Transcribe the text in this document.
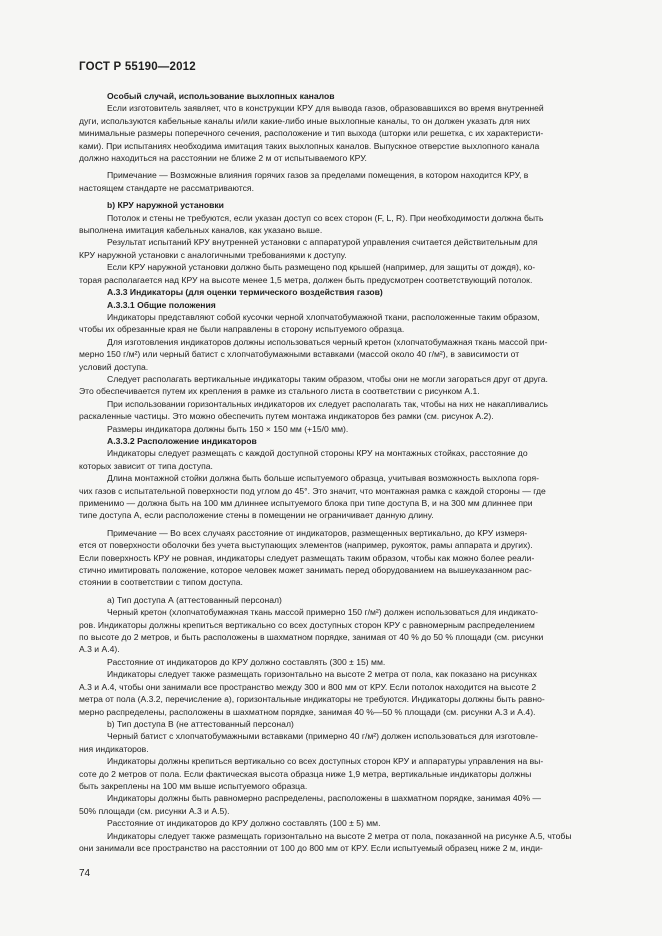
ГОСТ Р 55190—2012
Особый случай, использование выхлопных каналов
Если изготовитель заявляет, что в конструкции КРУ для вывода газов, образовавшихся во время внутренней
дуги, используются кабельные каналы и/или какие-либо иные выхлопные каналы, то он должен указать для них
минимальные размеры поперечного сечения, расположение и тип выхода (шторки или решетка, с их характеристи-
ками). При испытаниях необходима имитация таких выхлопных каналов. Выпускное отверстие выхлопного канала
должно находиться на расстоянии не ближе 2 м от испытываемого КРУ.
Примечание — Возможные влияния горячих газов за пределами помещения, в котором находится КРУ, в
настоящем стандарте не рассматриваются.
b) КРУ наружной установки
Потолок и стены не требуются, если указан доступ со всех сторон (F, L, R). При необходимости должна быть
выполнена имитация кабельных каналов, как указано выше.
Результат испытаний КРУ внутренней установки с аппаратурой управления считается действительным для
КРУ наружной установки с аналогичными требованиями к доступу.
Если КРУ наружной установки должно быть размещено под крышей (например, для защиты от дождя), ко-
торая располагается над КРУ на высоте менее 1,5 метра, должен быть предусмотрен соответствующий потолок.
А.3.3 Индикаторы (для оценки термического воздействия газов)
А.3.3.1 Общие положения
Индикаторы представляют собой кусочки черной хлопчатобумажной ткани, расположенные таким образом,
чтобы их обрезанные края не были направлены в сторону испытуемого образца.
Для изготовления индикаторов должны использоваться черный кретон (хлопчатобумажная ткань массой при-
мерно 150 г/м²) или черный батист с хлопчатобумажными вставками (массой около 40 г/м²), в зависимости от
условий доступа.
Следует располагать вертикальные индикаторы таким образом, чтобы они не могли загораться друг от друга.
Это обеспечивается путем их крепления в рамке из стального листа в соответствии с рисунком А.1.
При использовании горизонтальных индикаторов их следует располагать так, чтобы на них не накапливались
раскаленные частицы. Это можно обеспечить путем монтажа индикаторов без рамки (см. рисунок А.2).
Размеры индикатора должны быть 150 × 150 мм (+15/0 мм).
А.3.3.2 Расположение индикаторов
Индикаторы следует размещать с каждой доступной стороны КРУ на монтажных стойках, расстояние до
которых зависит от типа доступа.
Длина монтажной стойки должна быть больше испытуемого образца, учитывая возможность выхлопа горя-
чих газов с испытательной поверхности под углом до 45°. Это значит, что монтажная рамка с каждой стороны — где
применимо — должна быть на 100 мм длиннее испытуемого блока при типе доступа В, и на 300 мм длиннее при
типе доступа А, если расположение стены в помещении не ограничивает данную длину.
Примечание — Во всех случаях расстояние от индикаторов, размещенных вертикально, до КРУ измеря-
ется от поверхности оболочки без учета выступающих элементов (например, рукояток, рамы аппарата и других).
Если поверхность КРУ не ровная, индикаторы следует размещать таким образом, чтобы как можно более реали-
стично имитировать положение, которое человек может занимать перед оборудованием на вышеуказанном рас-
стоянии в соответствии с типом доступа.
а) Тип доступа А (аттестованный персонал)
Черный кретон (хлопчатобумажная ткань массой примерно 150 г/м²) должен использоваться для индикато-
ров. Индикаторы должны крепиться вертикально со всех доступных сторон КРУ с равномерным распределением
по высоте до 2 метров, и быть расположены в шахматном порядке, занимая от 40 % до 50 % площади (см. рисунки
А.3 и А.4).
Расстояние от индикаторов до КРУ должно составлять (300 ± 15) мм.
Индикаторы следует также размещать горизонтально на высоте 2 метра от пола, как показано на рисунках
А.3 и А.4, чтобы они занимали все пространство между 300 и 800 мм от КРУ. Если потолок находится на высоте 2
метра от пола (А.3.2, перечисление а), горизонтальные индикаторы не требуются. Индикаторы должны быть равно-
мерно распределены, расположены в шахматном порядке, занимая 40 %—50 % площади (см. рисунки А.3 и А.4).
b) Тип доступа В (не аттестованный персонал)
Черный батист с хлопчатобумажными вставками (примерно 40 г/м²) должен использоваться для изготовле-
ния индикаторов.
Индикаторы должны крепиться вертикально со всех доступных сторон КРУ и аппаратуры управления на вы-
соте до 2 метров от пола. Если фактическая высота образца ниже 1,9 метра, вертикальные индикаторы должны
быть закреплены на 100 мм выше испытуемого образца.
Индикаторы должны быть равномерно распределены, расположены в шахматном порядке, занимая 40% —
50% площади (см. рисунки А.3 и А.5).
Расстояние от индикаторов до КРУ должно составлять (100 ± 5) мм.
Индикаторы следует также размещать горизонтально на высоте 2 метра от пола, показанной на рисунке А.5, чтобы
они занимали все пространство на расстоянии от 100 до 800 мм от КРУ. Если испытуемый образец ниже 2 м, инди-
74
